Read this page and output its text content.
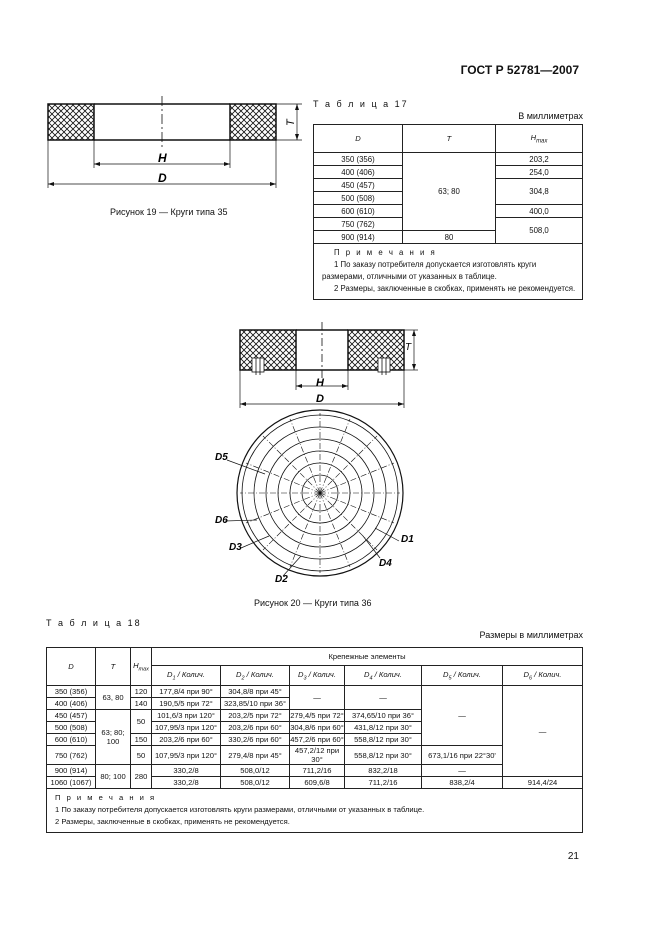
ГОСТ Р 52781—2007
H
D
T
Рисунок 19 — Круги типа 35
Т а б л и ц а 17
В миллиметрах
D	T	$H_{max}$
350 (356)	63; 80	203,2
400 (406)		254,0
450 (457)		304,8
500 (508)		
600 (610)		400,0
750 (762)		508,0
900 (914)	80	

П р и м е ч а н и я

1 По заказу потребителя допускается изготовлять круги размерами, отличными от указанных в таблице.

2 Размеры, заключенные в скобках, применять не рекомендуется.		

H
D
T
D5
D6
D3
D2
D4
D1
Рисунок 20 — Круги типа 36
Т а б л и ц а 18
Размеры в миллиметрах
D	T	$H_{max}$	Крепежные элементы					
			$D_1$ / Колич.	$D_2$ / Колич.	$D_3$ / Колич.	$D_4$ / Колич.	$D_5$ / Колич.	$D_6$ / Колич.
350 (356)	63, 80	120	177,8/4 при 90°	304,8/8 при 45°	—	—	—	—
400 (406)		140	190,5/5 при 72°	323,85/10 при 36°				
450 (457)	63; 80; 100	50	101,6/3 при 120°	203,2/5 при 72°	279,4/5 при 72°	374,65/10 при 36°		
500 (508)			107,95/3 при 120°	203,2/6 при 60°	304,8/6 при 60°	431,8/12 при 30°		
600 (610)		150	203,2/6 при 60°	330,2/6 при 60°	457,2/6 при 60°	558,8/12 при 30°		
750 (762)		50	107,95/3 при 120°	279,4/8 при 45°	457,2/12 при 30°	558,8/12 при 30°	673,1/16 при 22°30'	
900 (914)	80; 100	280	330,2/8	508,0/12	711,2/16	832,2/18	—	
1060 (1067)			330,2/8	508,0/12	609,6/8	711,2/16	838,2/4	914,4/24

П р и м е ч а н и я

1 По заказу потребителя допускается изготовлять круги размерами, отличными от указанных в таблице.

2 Размеры, заключенные в скобках, применять не рекомендуется.								

21
